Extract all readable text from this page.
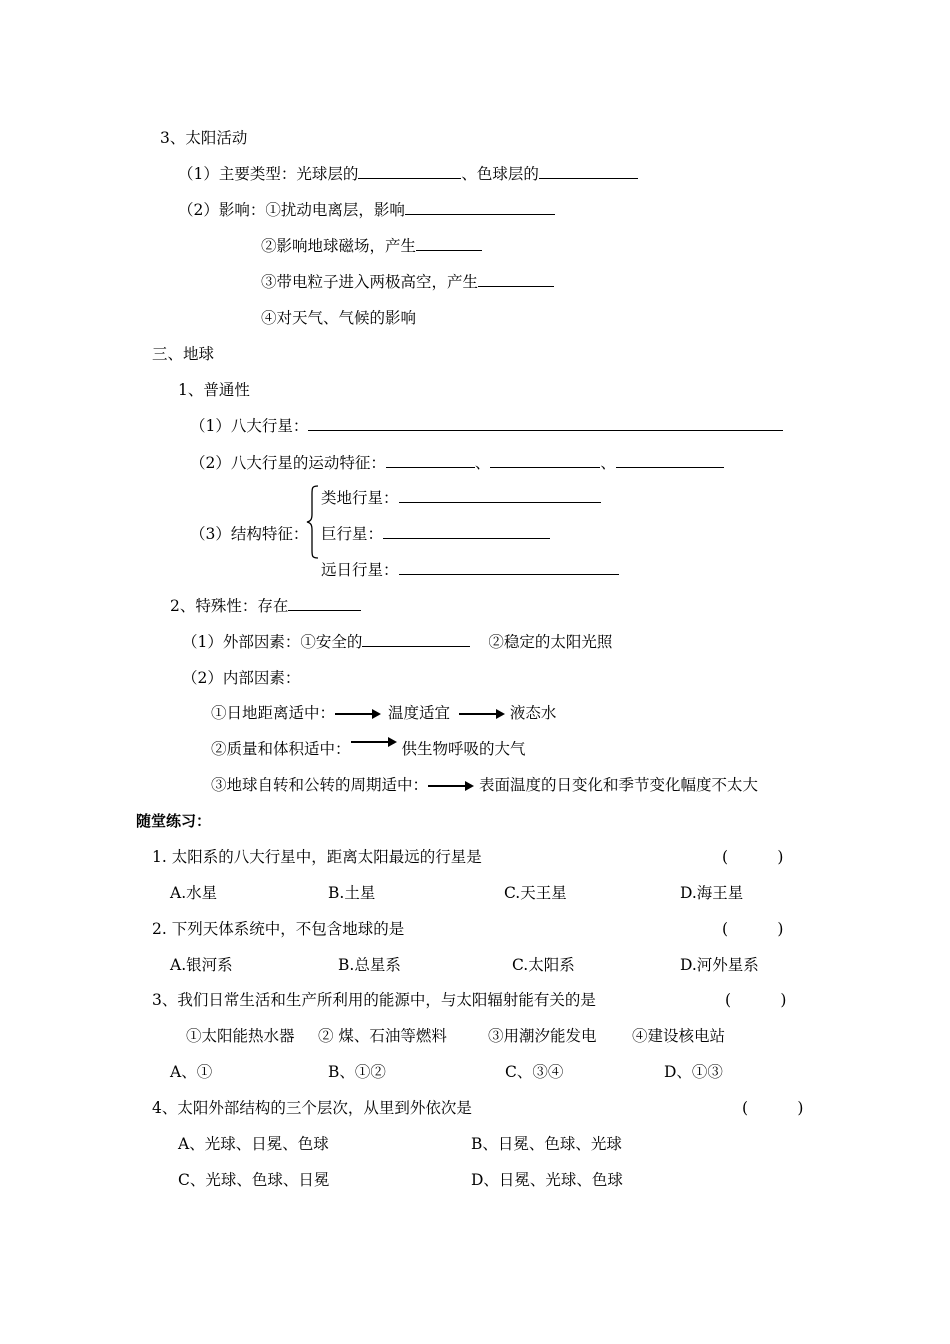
3、太阳活动
（1）主要类型：光球层的	、色球层的
（2）影响：①扰动电离层，影响
②影响地球磁场，产生
③带电粒子进入两极高空，产生
④对天气、气候的影响
三、地球
1、普通性
（1）八大行星：
（2）八大行星的运动特征：	、	、
（3）结构特征：
类地行星：
巨行星：
远日行星：
2、特殊性：存在
（1）外部因素：①安全的	②稳定的太阳光照
（2）内部因素：
①日地距离适中：	温度适宜	液态水
②质量和体积适中：	供生物呼吸的大气
③地球自转和公转的周期适中：	表面温度的日变化和季节变化幅度不太大
随堂练习：
1. 太阳系的八大行星中，距离太阳最远的行星是	(          )
A.水星	B.土星	C.天王星	D.海王星
2. 下列天体系统中，不包含地球的是	(          )
A.银河系	B.总星系	C.太阳系	D.河外星系
3、我们日常生活和生产所利用的能源中，与太阳辐射能有关的是	(          )
①太阳能热水器 ② 煤、石油等燃料	③用潮汐能发电 ④建设核电站
A、①	B、①②	C、③④	D、①③
4、太阳外部结构的三个层次，从里到外依次是	(          )
A、光球、日冕、色球	B、日冕、色球、光球
C、光球、色球、日冕	D、日冕、光球、色球
